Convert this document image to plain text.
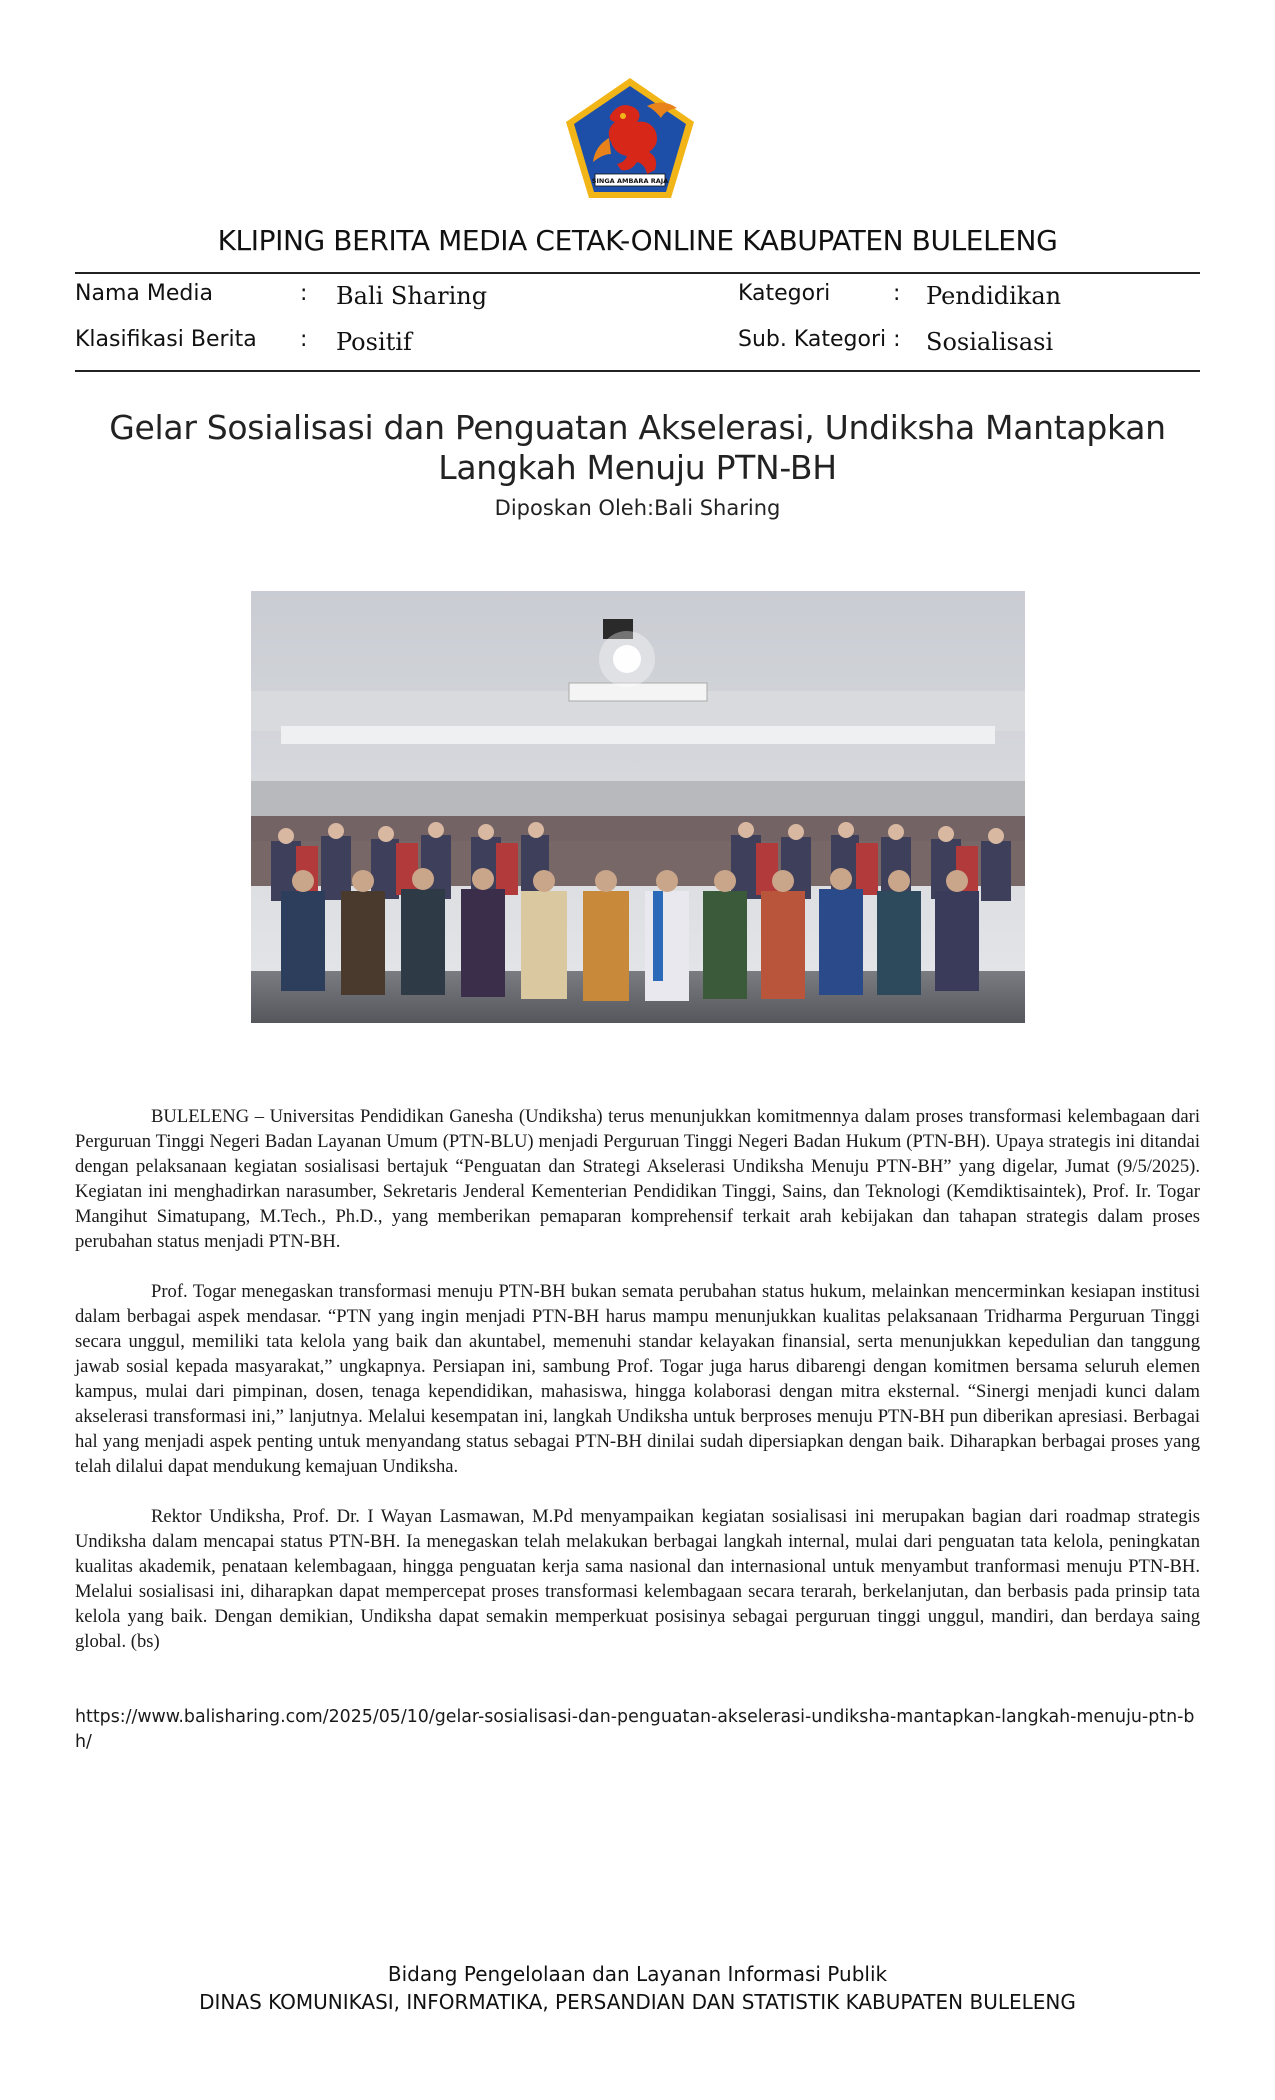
SINGA AMBARA RAJA
KLIPING BERITA MEDIA CETAK-ONLINE KABUPATEN BULELENG
Nama Media	: Bali Sharing	Kategori	: Pendidikan
Klasifikasi Berita : Positif	Sub. Kategori : Sosialisasi
Gelar Sosialisasi dan Penguatan Akselerasi, Undiksha Mantapkan
Langkah Menuju PTN-BH
Diposkan Oleh:Bali Sharing

BULELENG – Universitas Pendidikan Ganesha (Undiksha) terus menunjukkan komitmennya dalam proses transformasi kelembagaan dari Perguruan Tinggi Negeri Badan Layanan Umum (PTN-BLU) menjadi Perguruan Tinggi Negeri Badan Hukum (PTN-BH). Upaya strategis ini ditandai dengan pelaksanaan kegiatan sosialisasi bertajuk “Penguatan dan Strategi Akselerasi Undiksha Menuju PTN-BH” yang digelar, Jumat (9/5/2025). Kegiatan ini menghadirkan narasumber, Sekretaris Jenderal Kementerian Pendidikan Tinggi, Sains, dan Teknologi (Kemdiktisaintek), Prof. Ir. Togar Mangihut Simatupang, M.Tech., Ph.D., yang memberikan pemaparan komprehensif terkait arah kebijakan dan tahapan strategis dalam proses perubahan status menjadi PTN-BH.

Prof. Togar menegaskan transformasi menuju PTN-BH bukan semata perubahan status hukum, melainkan mencerminkan kesiapan institusi dalam berbagai aspek mendasar. “PTN yang ingin menjadi PTN-BH harus mampu menunjukkan kualitas pelaksanaan Tridharma Perguruan Tinggi secara unggul, memiliki tata kelola yang baik dan akuntabel, memenuhi standar kelayakan finansial, serta menunjukkan kepedulian dan tanggung jawab sosial kepada masyarakat,” ungkapnya. Persiapan ini, sambung Prof. Togar juga harus dibarengi dengan komitmen bersama seluruh elemen kampus, mulai dari pimpinan, dosen, tenaga kependidikan, mahasiswa, hingga kolaborasi dengan mitra eksternal. “Sinergi menjadi kunci dalam akselerasi transformasi ini,” lanjutnya. Melalui kesempatan ini, langkah Undiksha untuk berproses menuju PTN-BH pun diberikan apresiasi. Berbagai hal yang menjadi aspek penting untuk menyandang status sebagai PTN-BH dinilai sudah dipersiapkan dengan baik. Diharapkan berbagai proses yang telah dilalui dapat mendukung kemajuan Undiksha.

Rektor Undiksha, Prof. Dr. I Wayan Lasmawan, M.Pd menyampaikan kegiatan sosialisasi ini merupakan bagian dari roadmap strategis Undiksha dalam mencapai status PTN-BH. Ia menegaskan telah melakukan berbagai langkah internal, mulai dari penguatan tata kelola, peningkatan kualitas akademik, penataan kelembagaan, hingga penguatan kerja sama nasional dan internasional untuk menyambut tranformasi menuju PTN-BH. Melalui sosialisasi ini, diharapkan dapat mempercepat proses transformasi kelembagaan secara terarah, berkelanjutan, dan berbasis pada prinsip tata kelola yang baik. Dengan demikian, Undiksha dapat semakin memperkuat posisinya sebagai perguruan tinggi unggul, mandiri, dan berdaya saing global. (bs)

https://www.balisharing.com/2025/05/10/gelar-sosialisasi-dan-penguatan-akselerasi-undiksha-mantapkan-langkah-menuju-ptn-bh/
Bidang Pengelolaan dan Layanan Informasi Publik
DINAS KOMUNIKASI, INFORMATIKA, PERSANDIAN DAN STATISTIK KABUPATEN BULELENG
